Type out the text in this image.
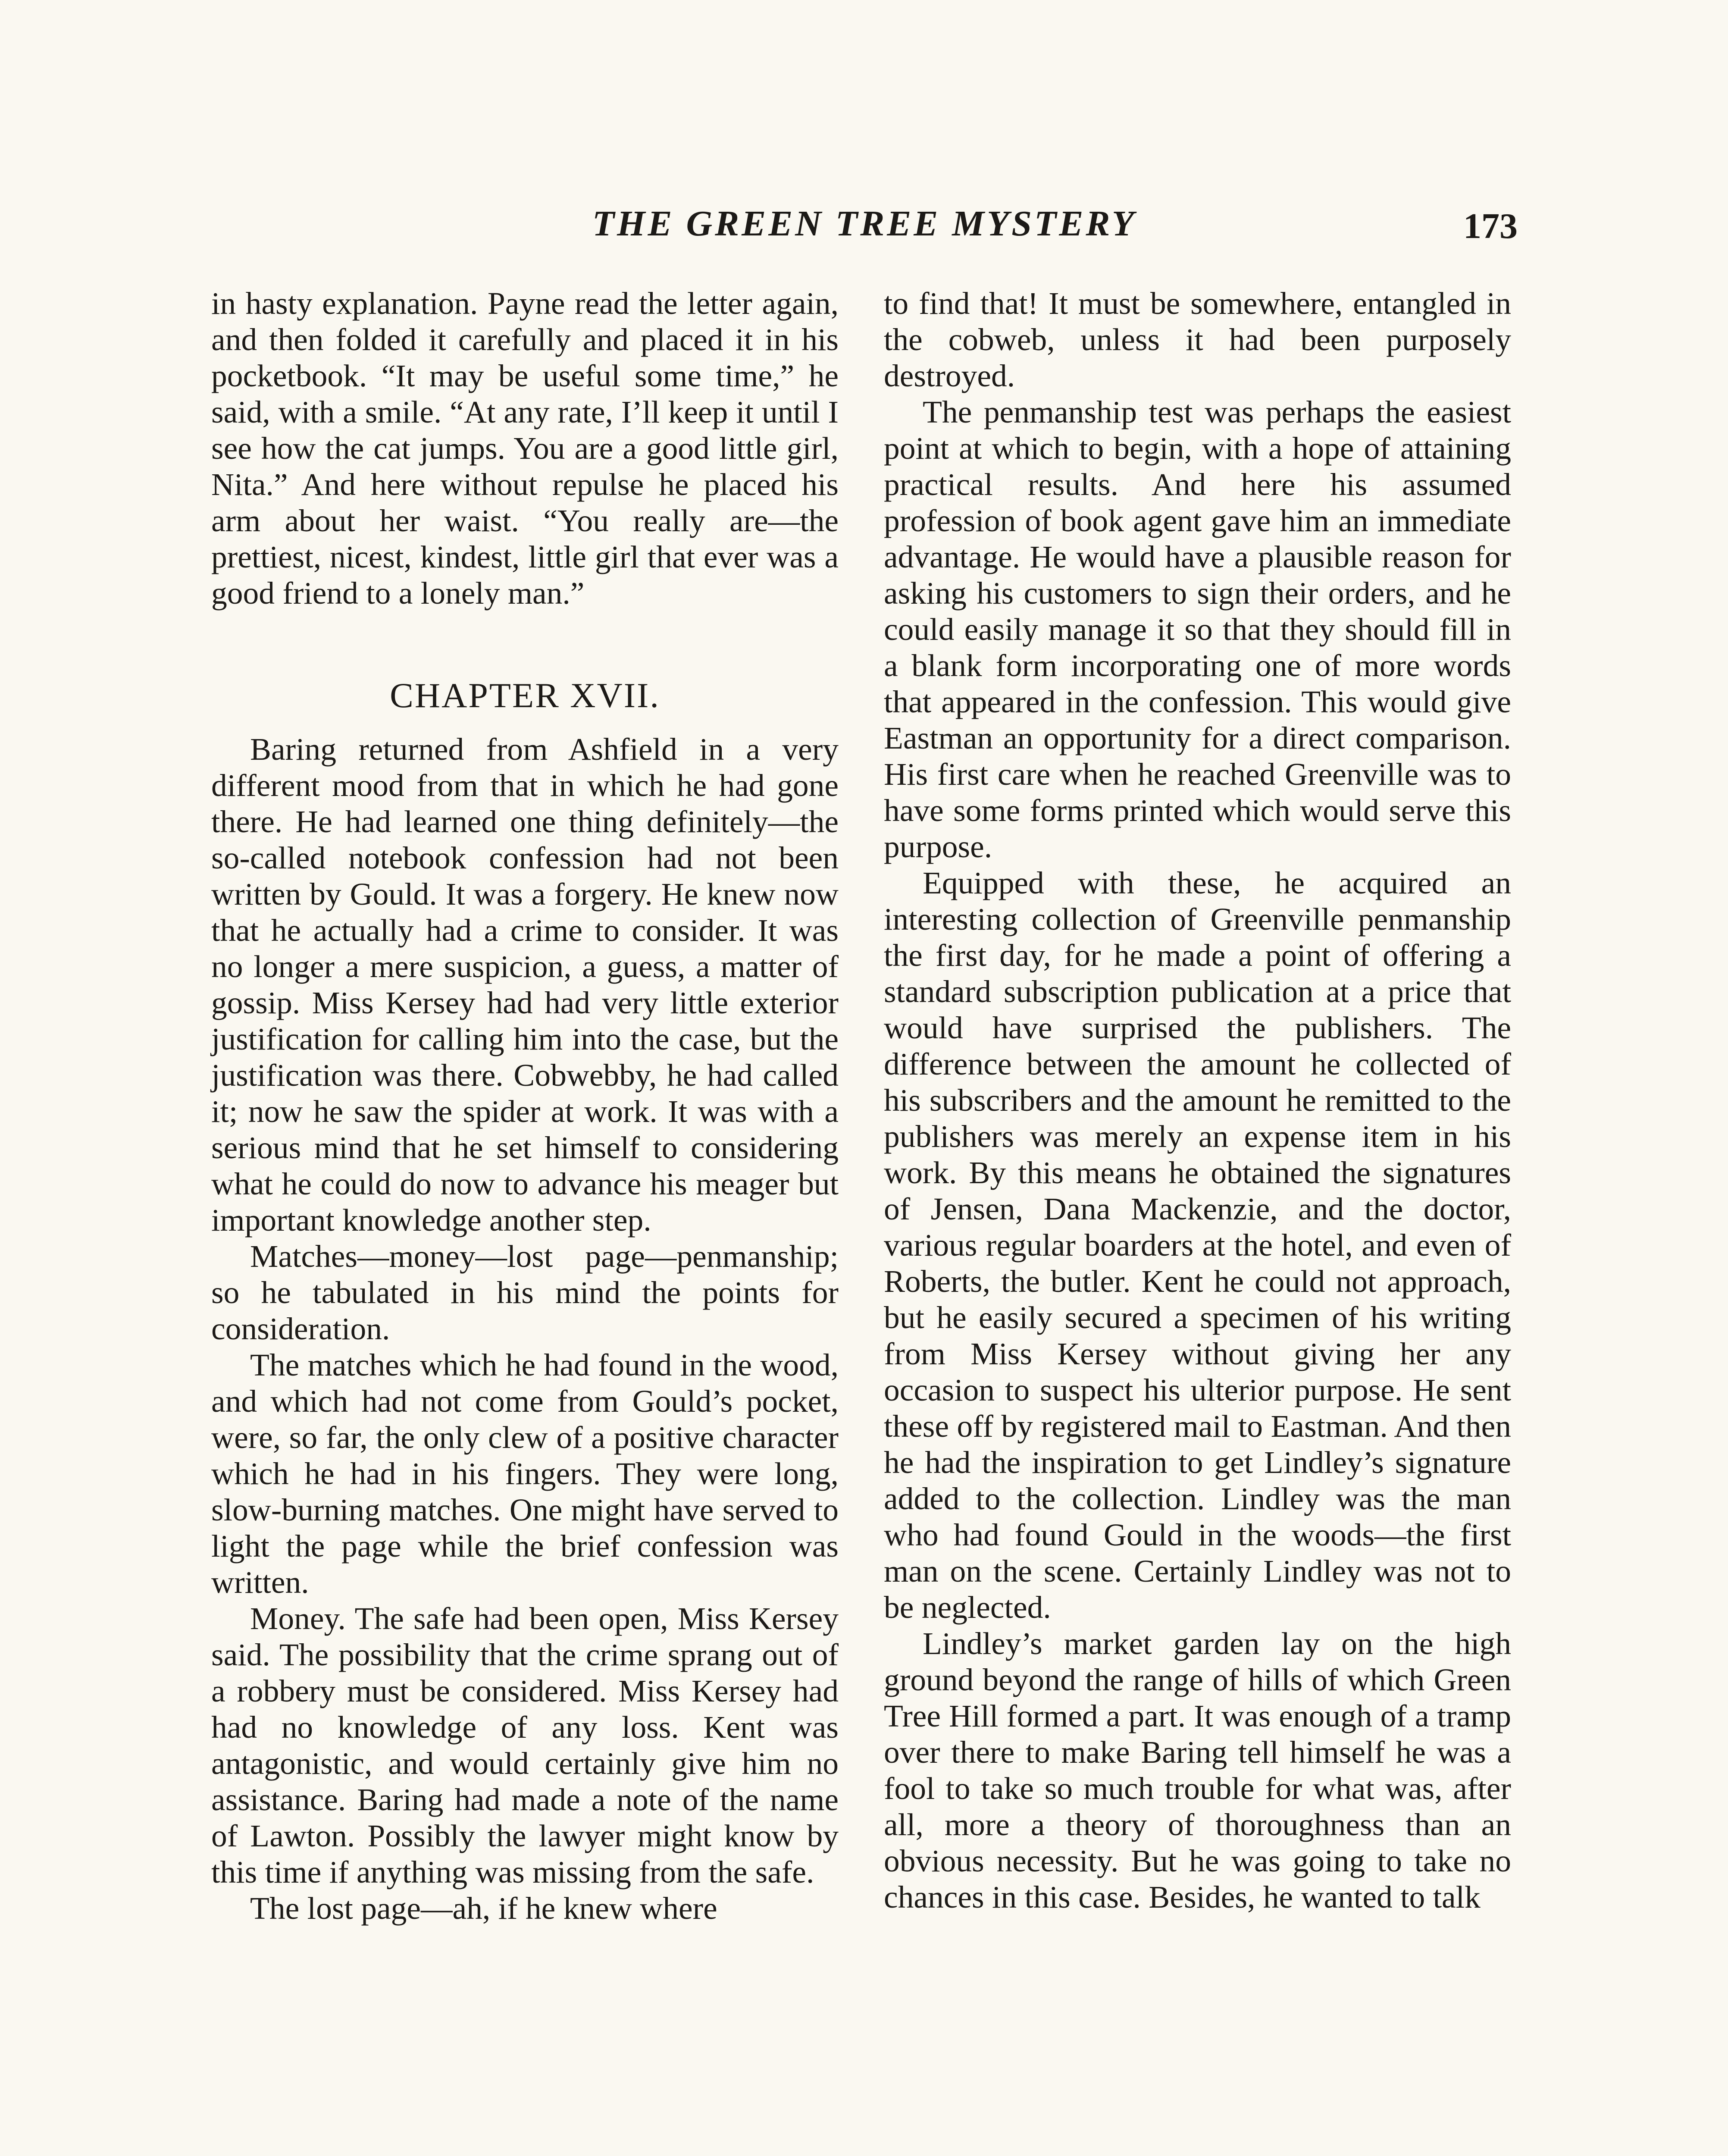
THE GREEN TREE MYSTERY	173

in hasty explanation. Payne read the letter again, and then folded it carefully and placed it in his pocketbook. “It may be useful some time,” he said, with a smile. “At any rate, I’ll keep it until I see how the cat jumps. You are a good little girl, Nita.” And here without repulse he placed his arm about her waist. “You really are—the prettiest, nicest, kindest, little girl that ever was a good friend to a lonely man.”

CHAPTER XVII.

Baring returned from Ashfield in a very different mood from that in which he had gone there. He had learned one thing definitely—the so-called notebook confession had not been written by Gould. It was a forgery. He knew now that he actually had a crime to consider. It was no longer a mere suspicion, a guess, a matter of gossip. Miss Kersey had had very little exterior justification for calling him into the case, but the justification was there. Cobwebby, he had called it; now he saw the spider at work. It was with a serious mind that he set himself to considering what he could do now to advance his meager but important knowledge another step.

Matches—money—lost page—penmanship; so he tabulated in his mind the points for consideration.

The matches which he had found in the wood, and which had not come from Gould’s pocket, were, so far, the only clew of a positive character which he had in his fingers. They were long, slow-burning matches. One might have served to light the page while the brief confession was written.

Money. The safe had been open, Miss Kersey said. The possibility that the crime sprang out of a robbery must be considered. Miss Kersey had had no knowledge of any loss. Kent was antagonistic, and would certainly give him no assistance. Baring had made a note of the name of Lawton. Possibly the lawyer might know by this time if anything was missing from the safe.

The lost page—ah, if he knew where

to find that! It must be somewhere, entangled in the cobweb, unless it had been purposely destroyed.

The penmanship test was perhaps the easiest point at which to begin, with a hope of attaining practical results. And here his assumed profession of book agent gave him an immediate advantage. He would have a plausible reason for asking his customers to sign their orders, and he could easily manage it so that they should fill in a blank form incorporating one of more words that appeared in the confession. This would give Eastman an opportunity for a direct comparison. His first care when he reached Greenville was to have some forms printed which would serve this purpose.

Equipped with these, he acquired an interesting collection of Greenville penmanship the first day, for he made a point of offering a standard subscription publication at a price that would have surprised the publishers. The difference between the amount he collected of his subscribers and the amount he remitted to the publishers was merely an expense item in his work. By this means he obtained the signatures of Jensen, Dana Mackenzie, and the doctor, various regular boarders at the hotel, and even of Roberts, the butler. Kent he could not approach, but he easily secured a specimen of his writing from Miss Kersey without giving her any occasion to suspect his ulterior purpose. He sent these off by registered mail to Eastman. And then he had the inspiration to get Lindley’s signature added to the collection. Lindley was the man who had found Gould in the woods—the first man on the scene. Certainly Lindley was not to be neglected.

Lindley’s market garden lay on the high ground beyond the range of hills of which Green Tree Hill formed a part. It was enough of a tramp over there to make Baring tell himself he was a fool to take so much trouble for what was, after all, more a theory of thoroughness than an obvious necessity. But he was going to take no chances in this case. Besides, he wanted to talk
